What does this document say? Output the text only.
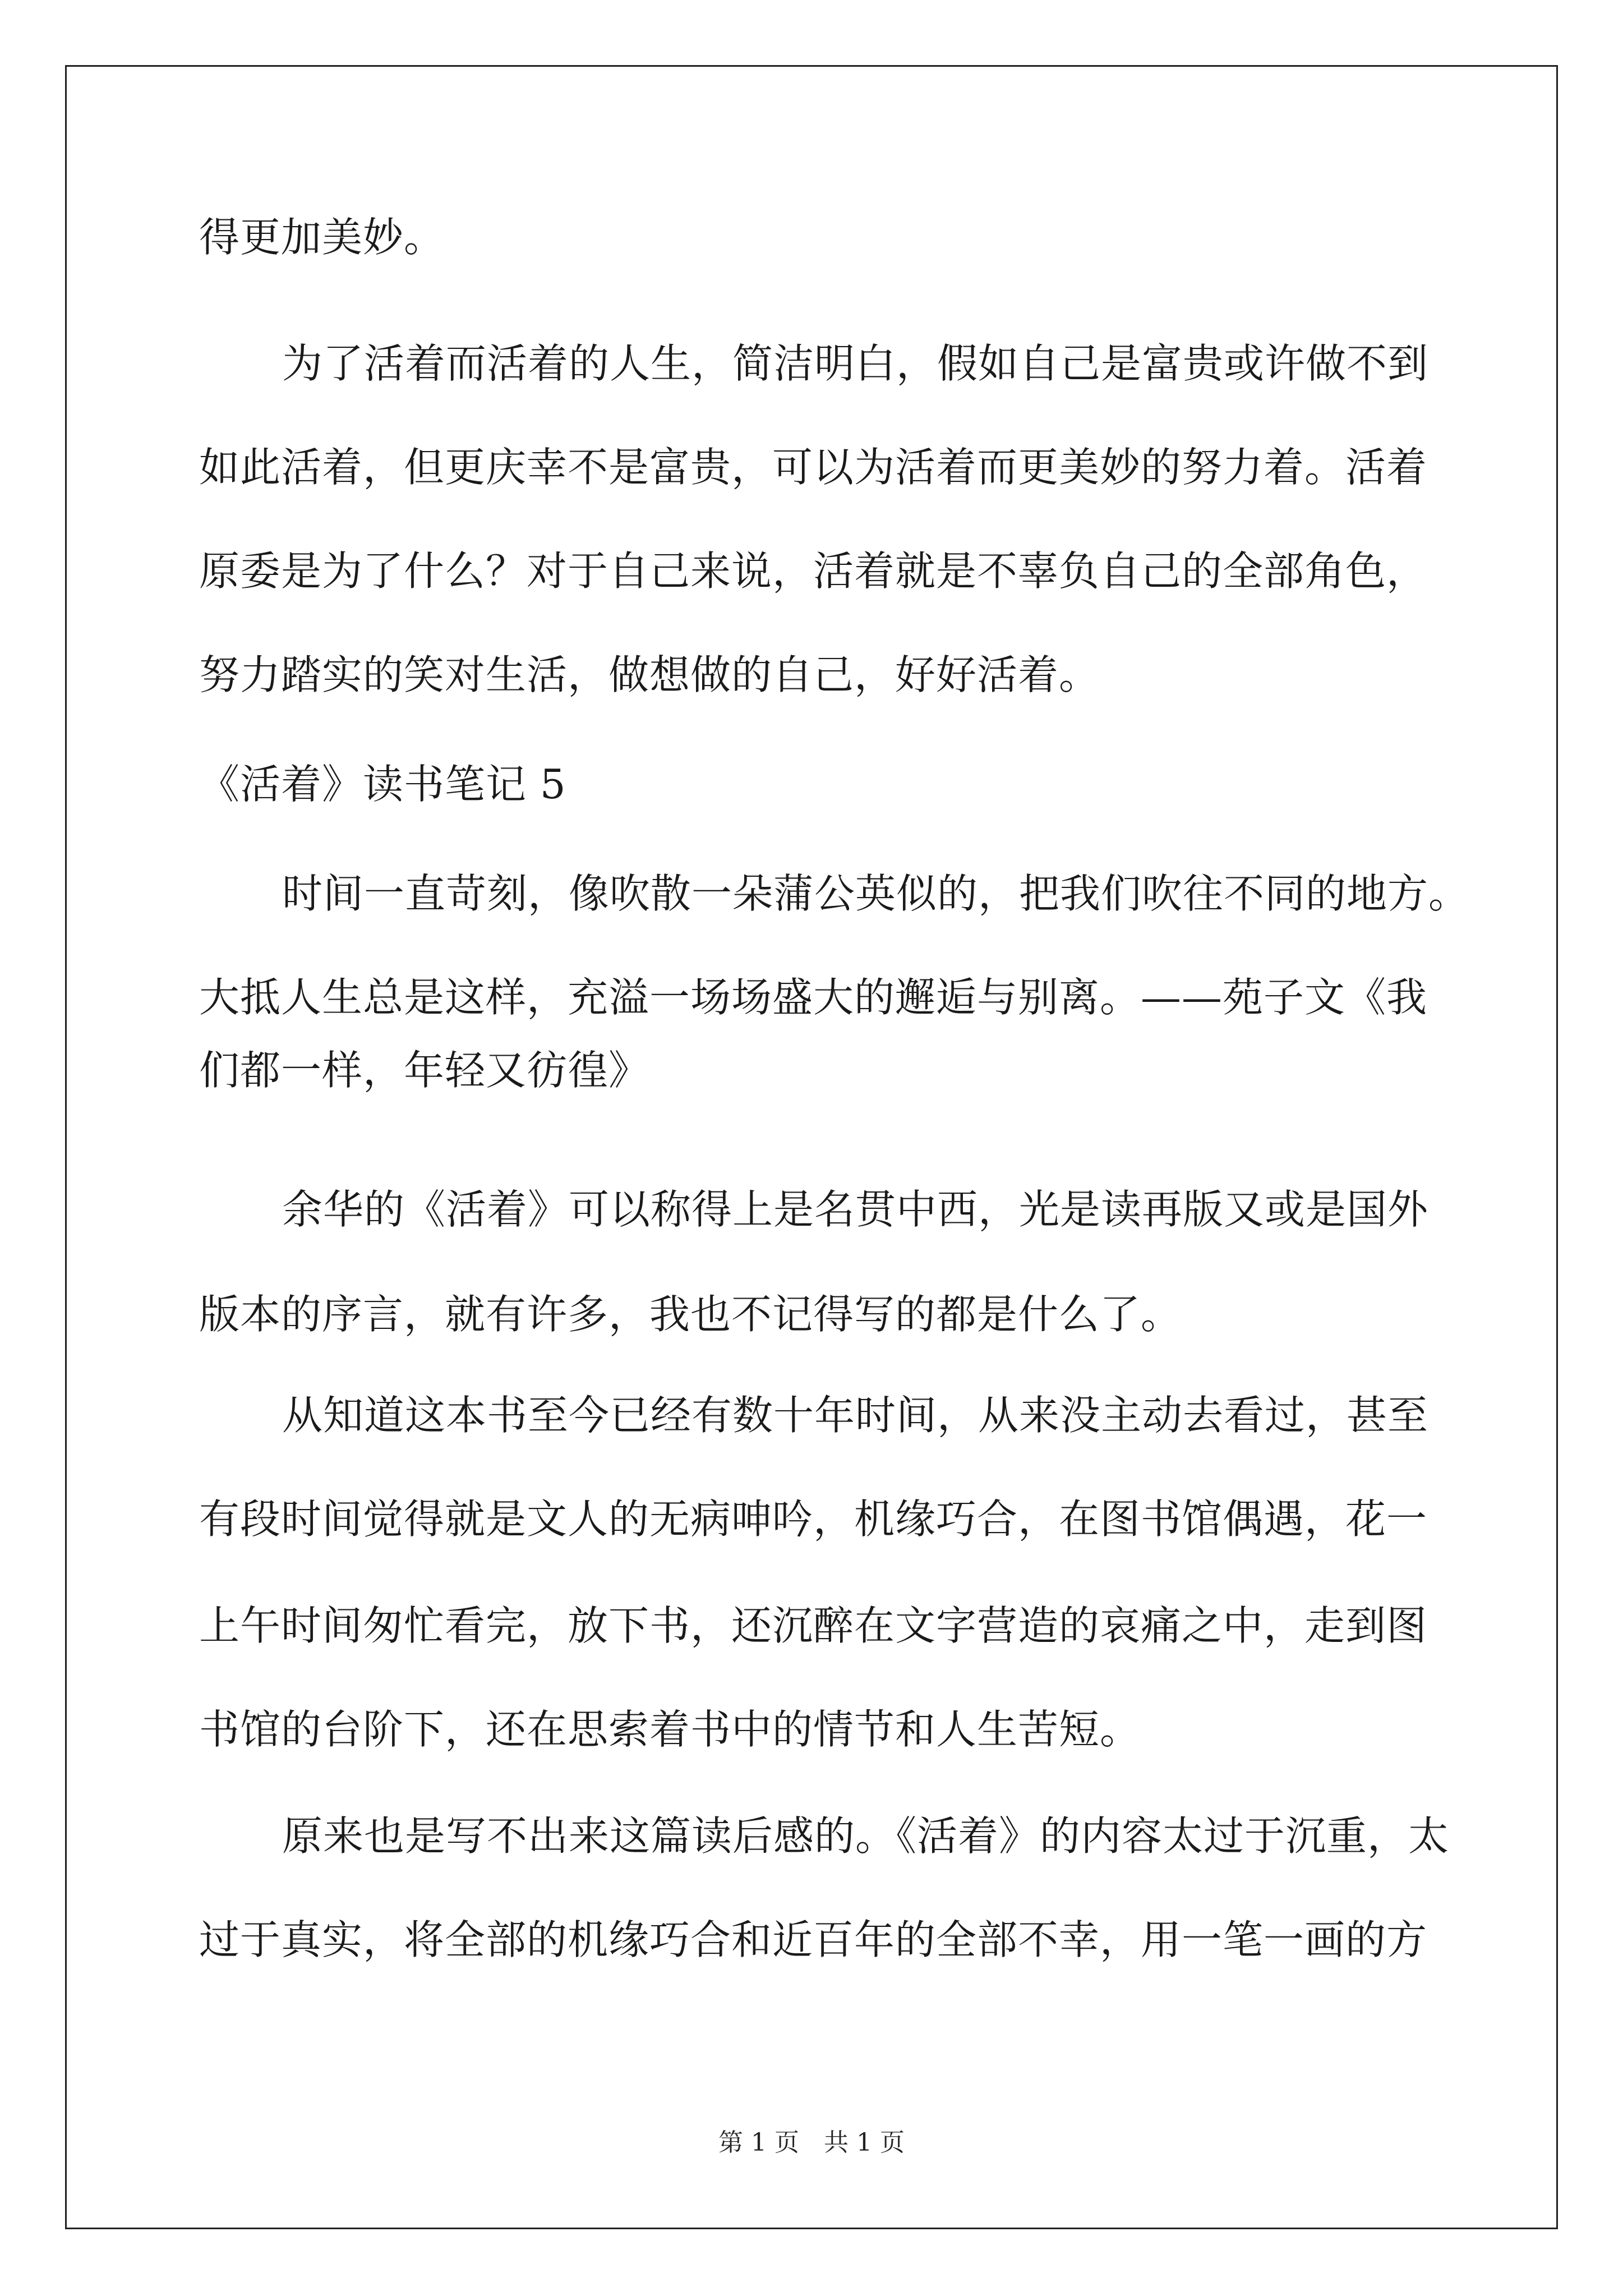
得更加美妙。
为了活着而活着的人生，简洁明白，假如自己是富贵或许做不到
如此活着，但更庆幸不是富贵，可以为活着而更美妙的努力着。活着
原委是为了什么？对于自己来说，活着就是不辜负自己的全部角色，
努力踏实的笑对生活，做想做的自己，好好活着。
《活着》读书笔记 5
时间一直苛刻，像吹散一朵蒲公英似的，把我们吹往不同的地方。
大抵人生总是这样，充溢一场场盛大的邂逅与别离。——苑子文《我
们都一样，年轻又彷徨》
余华的《活着》可以称得上是名贯中西，光是读再版又或是国外
版本的序言，就有许多，我也不记得写的都是什么了。
从知道这本书至今已经有数十年时间，从来没主动去看过，甚至
有段时间觉得就是文人的无病呻吟，机缘巧合，在图书馆偶遇，花一
上午时间匆忙看完，放下书，还沉醉在文字营造的哀痛之中，走到图
书馆的台阶下，还在思索着书中的情节和人生苦短。
原来也是写不出来这篇读后感的。《活着》的内容太过于沉重，太
过于真实，将全部的机缘巧合和近百年的全部不幸，用一笔一画的方
第 1 页　共 1 页
